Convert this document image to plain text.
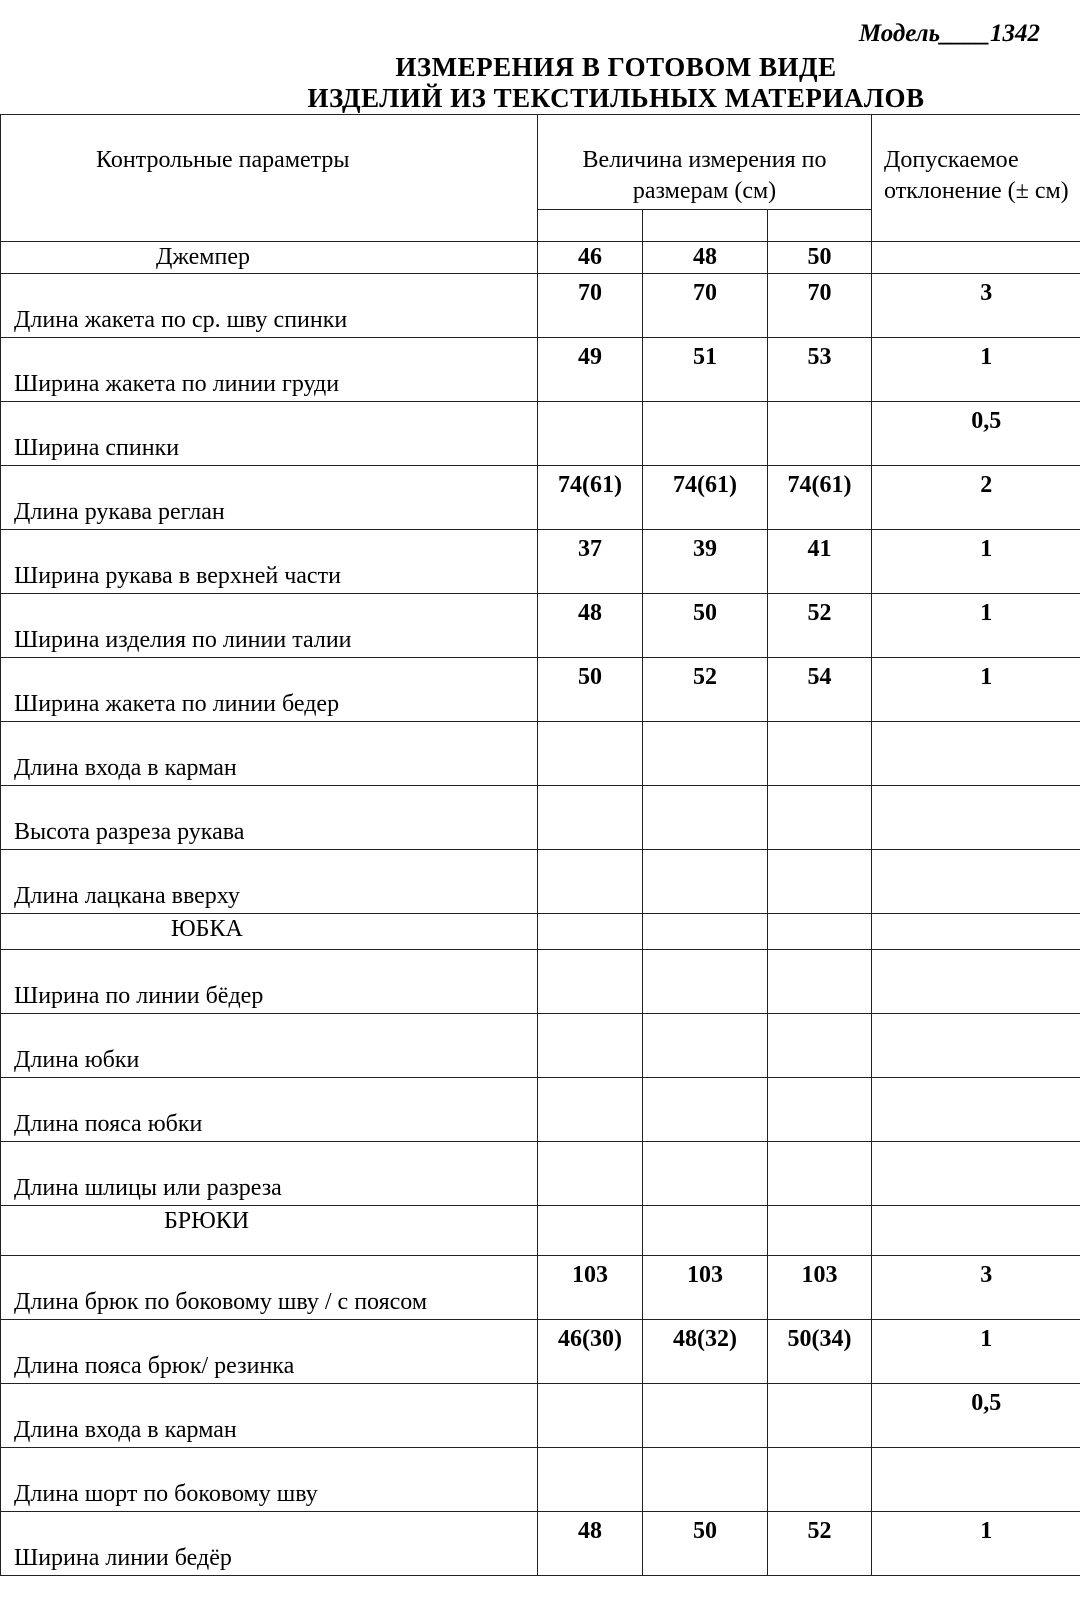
Модель____1342
ИЗМЕРЕНИЯ В ГОТОВОМ ВИДЕ
ИЗДЕЛИЙ ИЗ ТЕКСТИЛЬНЫХ МАТЕРИАЛОВ
Контрольные параметры	Величина измерения по размерам (см)			Допускаемое отклонение (± см)

Джемпер	46	48	50	
Длина жакета по ср. шву спинки	70	70	70	3
Ширина жакета по линии груди	49	51	53	1
Ширина спинки				0,5
Длина рукава реглан	74(61)	74(61)	74(61)	2
Ширина рукава в верхней части	37	39	41	1
Ширина изделия по линии талии	48	50	52	1
Ширина жакета по линии бедер	50	52	54	1
Длина входа в карман				
Высота разреза рукава				
Длина лацкана вверху				
ЮБКА				
Ширина по линии бёдер				
Длина юбки				
Длина пояса юбки				
Длина шлицы или разреза				
БРЮКИ				
Длина брюк по боковому шву / с поясом	103	103	103	3
Длина пояса брюк/ резинка	46(30)	48(32)	50(34)	1
Длина входа в карман				0,5
Длина шорт по боковому шву				
Ширина линии бедёр	48	50	52	1
